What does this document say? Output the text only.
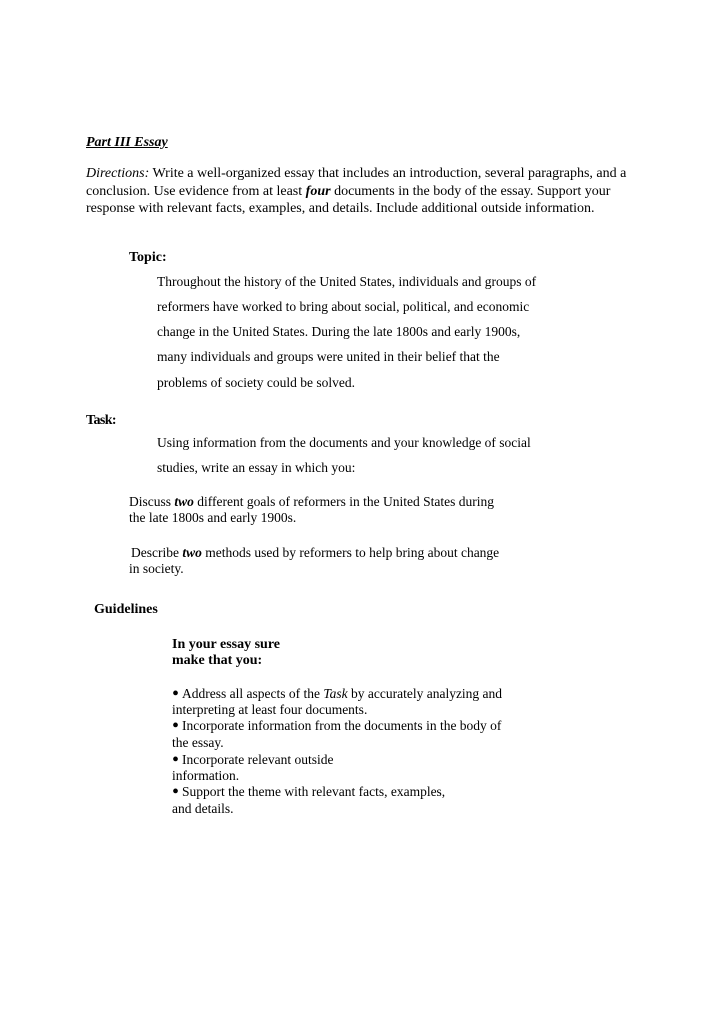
Part III Essay
Directions: Write a well-organized essay that includes an introduction, several paragraphs, and a
conclusion. Use evidence from at least four documents in the body of the essay. Support your
response with relevant facts, examples, and details. Include additional outside information.
Topic:
Throughout the history of the United States, individuals and groups of
reformers have worked to bring about social, political, and economic
change in the United States. During the late 1800s and early 1900s,
many individuals and groups were united in their belief that the
problems of society could be solved.
Task:
Using information from the documents and your knowledge of social
studies, write an essay in which you:
Discuss two different goals of reformers in the United States during
the late 1800s and early 1900s.
Describe two methods used by reformers to help bring about change
in society.
Guidelines
In your essay sure
make that you:
• Address all aspects of the Task by accurately analyzing and
interpreting at least four documents.
• Incorporate information from the documents in the body of
the essay.
• Incorporate relevant outside
information.
• Support the theme with relevant facts, examples,
and details.
